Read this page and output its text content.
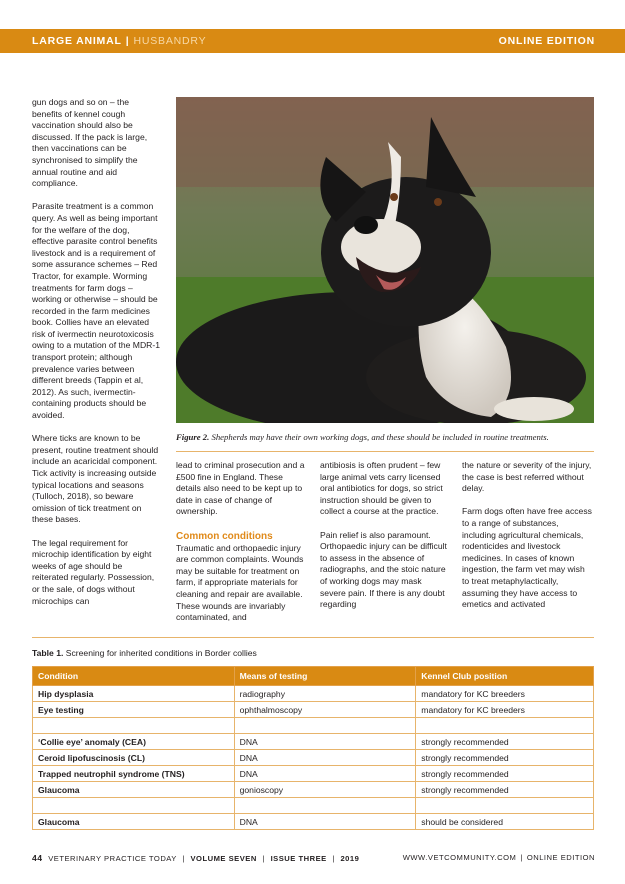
LARGE ANIMAL | HUSBANDRY	ONLINE EDITION

gun dogs and so on – the benefits of kennel cough vaccination should also be discussed. If the pack is large, then vaccinations can be synchronised to simplify the annual routine and aid compliance.

Parasite treatment is a common query. As well as being important for the welfare of the dog, effective parasite control benefits livestock and is a requirement of some assurance schemes – Red Tractor, for example. Worming treatments for farm dogs – working or otherwise – should be recorded in the farm medicines book. Collies have an elevated risk of ivermectin neurotoxicosis owing to a mutation of the MDR-1 transport protein; although prevalence varies between different breeds (Tappin et al, 2012). As such, ivermectin-containing products should be avoided.

Where ticks are known to be present, routine treatment should include an acaricidal component. Tick activity is increasing outside typical locations and seasons (Tulloch, 2018), so beware omission of tick treatment on these bases.

The legal requirement for microchip identification by eight weeks of age should be reiterated regularly. Possession, or the sale, of dogs without microchips can

Figure 2. Shepherds may have their own working dogs, and these should be included in routine treatments.

lead to criminal prosecution and a £500 fine in England. These details also need to be kept up to date in case of change of ownership.

Common conditions

Traumatic and orthopaedic injury are common complaints. Wounds may be suitable for treatment on farm, if appropriate materials for cleaning and repair are available. These wounds are invariably contaminated, and

antibiosis is often prudent – few large animal vets carry licensed oral antibiotics for dogs, so strict instruction should be given to collect a course at the practice.

Pain relief is also paramount. Orthopaedic injury can be difficult to assess in the absence of radiographs, and the stoic nature of working dogs may mask severe pain. If there is any doubt regarding

the nature or severity of the injury, the case is best referred without delay.

Farm dogs often have free access to a range of substances, including agricultural chemicals, rodenticides and livestock medicines. In cases of known ingestion, the farm vet may wish to treat metaphylactically, assuming they have access to emetics and activated

Table 1. Screening for inherited conditions in Border collies
Condition	Means of testing	Kennel Club position
Hip dysplasia	radiography	mandatory for KC breeders
Eye testing	ophthalmoscopy	mandatory for KC breeders

‘Collie eye’ anomaly (CEA)	DNA	strongly recommended
Ceroid lipofuscinosis (CL)	DNA	strongly recommended
Trapped neutrophil syndrome (TNS)	DNA	strongly recommended
Glaucoma	gonioscopy	strongly recommended

Glaucoma	DNA	should be considered
44 VETERINARY PRACTICE TODAY | VOLUME SEVEN | ISSUE THREE | 2019	WWW.VETCOMMUNITY.COM | ONLINE EDITION
